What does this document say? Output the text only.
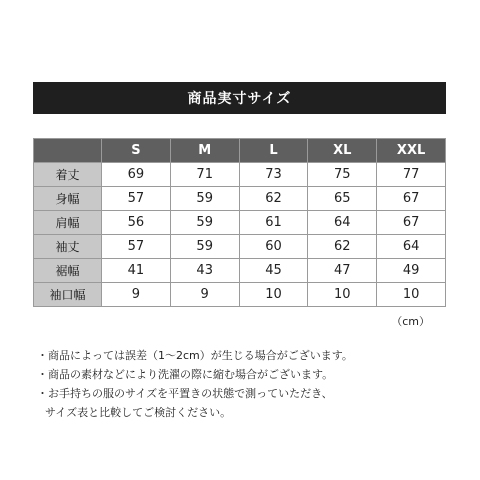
商品実寸サイズ
	S	M	L	XL	XXL
着丈	69	71	73	75	77
身幅	57	59	62	65	67
肩幅	56	59	61	64	67
袖丈	57	59	60	62	64
裾幅	41	43	45	47	49
袖口幅	9	9	10	10	10
（cm）
・商品によっては誤差（1～2cm）が生じる場合がございます。
・商品の素材などにより洗濯の際に縮む場合がございます。
・お手持ちの服のサイズを平置きの状態で測っていただき、
サイズ表と比較してご検討ください。
